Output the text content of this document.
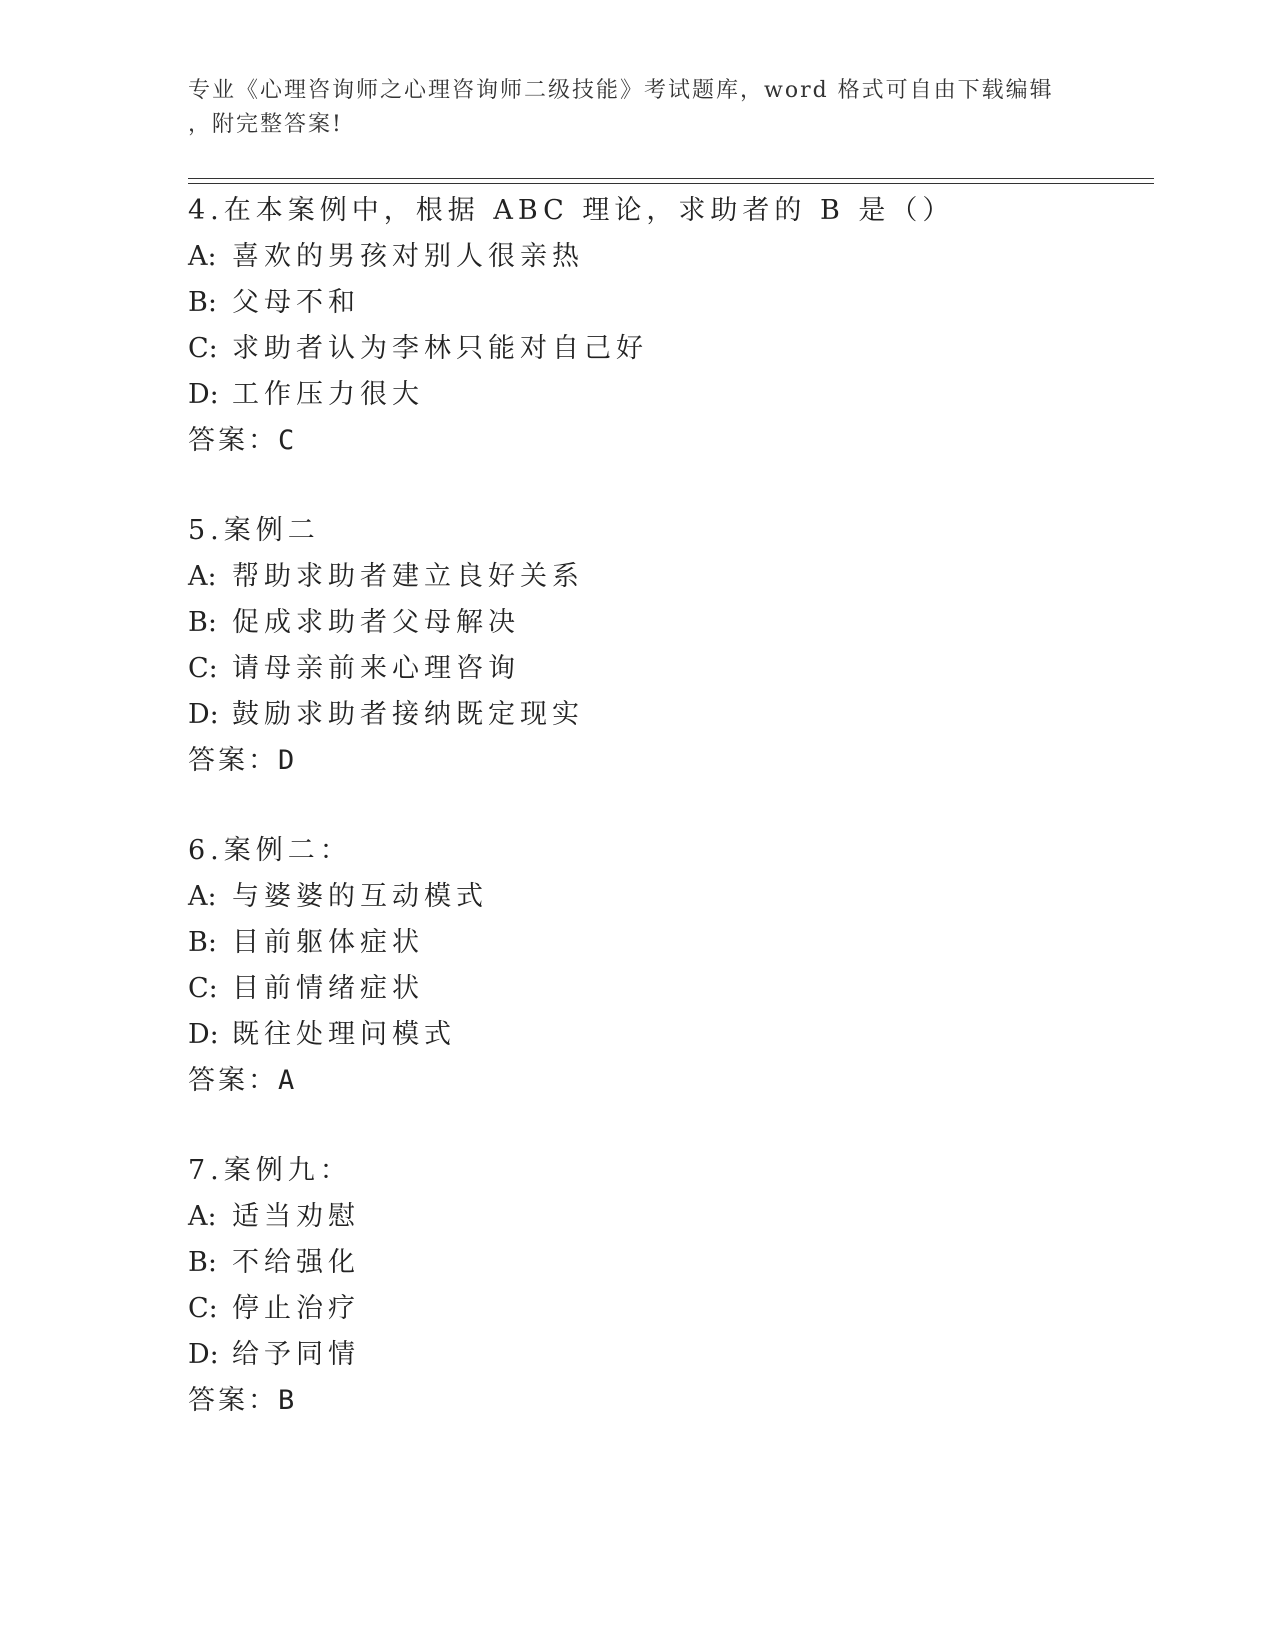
专业《心理咨询师之心理咨询师二级技能》考试题库，word 格式可自由下载编辑
，附完整答案!
4.在本案例中，根据 ABC 理论，求助者的 B 是（）
A: 喜欢的男孩对别人很亲热
B: 父母不和
C: 求助者认为李林只能对自己好
D: 工作压力很大
答案：C
5.案例二
A: 帮助求助者建立良好关系
B: 促成求助者父母解决
C: 请母亲前来心理咨询
D: 鼓励求助者接纳既定现实
答案：D
6.案例二：
A: 与婆婆的互动模式
B: 目前躯体症状
C: 目前情绪症状
D: 既往处理问模式
答案：A
7.案例九：
A: 适当劝慰
B: 不给强化
C: 停止治疗
D: 给予同情
答案：B
